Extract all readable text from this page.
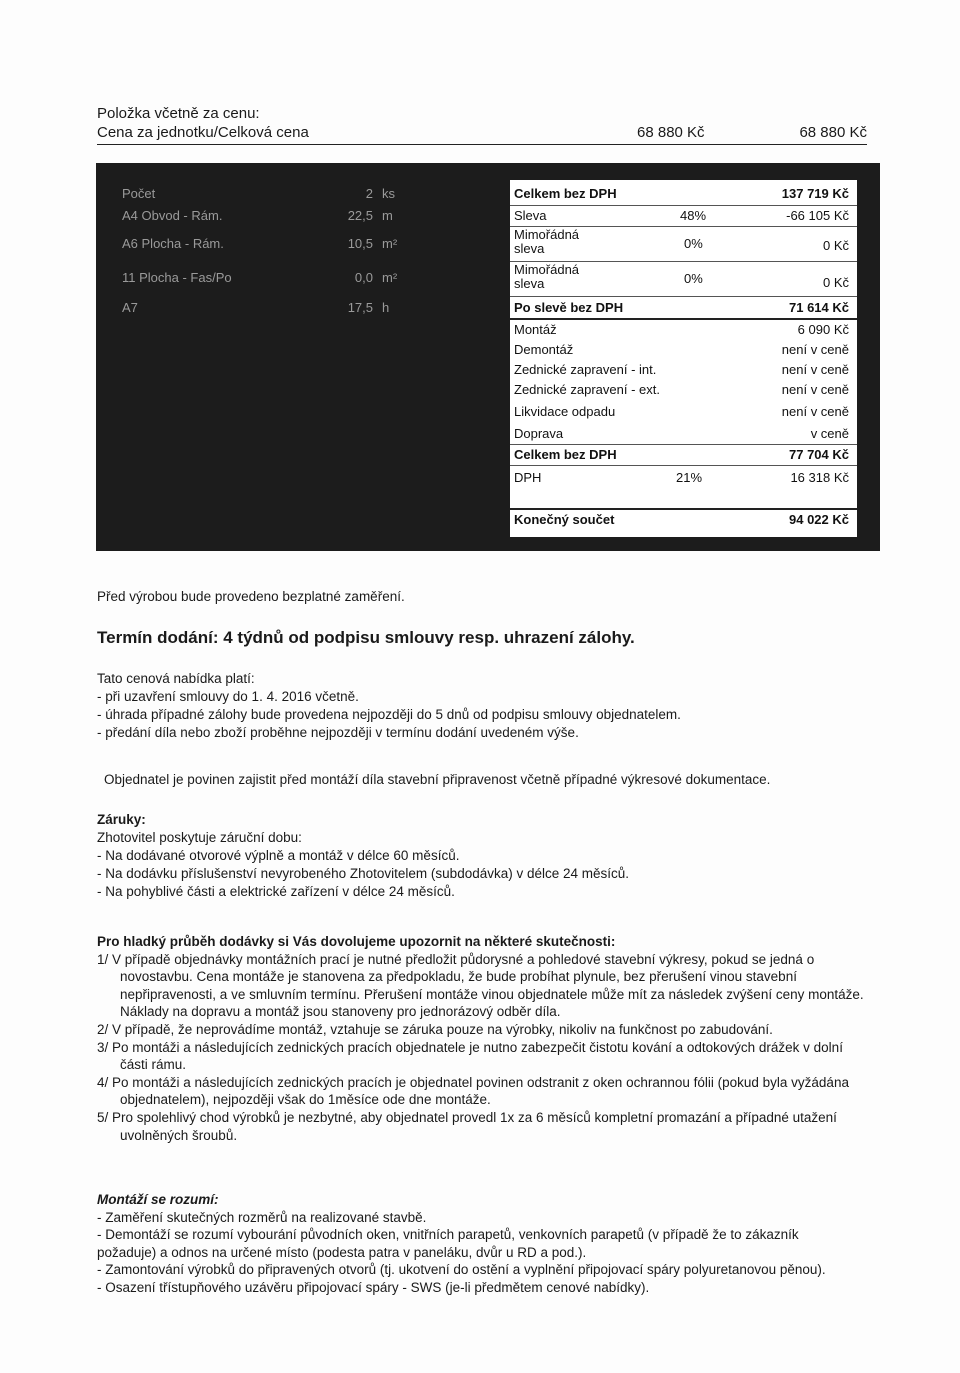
Položka včetně za cenu:
Cena za jednotku/Celková cena	68 880 Kč	68 880 Kč
Počet	2 ks
A4 Obvod - Rám.	22,5 m
A6 Plocha - Rám.	10,5 m²
11 Plocha - Fas/Po	0,0 m²
A7	17,5 h
Celkem bez DPH	137 719 Kč
Sleva	48%	-66 105 Kč
Mimořádná
sleva	0%	0 Kč
Mimořádná
sleva	0%	0 Kč
Po slevě bez DPH	71 614 Kč
Montáž	6 090 Kč
Demontáž	není v ceně
Zednické zapravení - int.	není v ceně
Zednické zapravení - ext.	není v ceně
Likvidace odpadu	není v ceně
Doprava	v ceně
Celkem bez DPH	77 704 Kč
DPH	21%	16 318 Kč
Konečný součet	94 022 Kč
Před výrobou bude provedeno bezplatné zaměření.
Termín dodání: 4 týdnů od podpisu smlouvy resp. uhrazení zálohy.

Tato cenová nabídka platí:

- při uzavření smlouvy do 1. 4. 2016 včetně.

- úhrada případné zálohy bude provedena nejpozději do 5 dnů od podpisu smlouvy objednatelem.

- předání díla nebo zboží proběhne nejpozději v termínu dodání uvedeném výše.

Objednatel je povinen zajistit před montáží díla stavební připravenost včetně případné výkresové dokumentace.

Záruky:

Zhotovitel poskytuje záruční dobu:

- Na dodávané otvorové výplně a montáž v délce 60 měsíců.

- Na dodávku příslušenství nevyrobeného Zhotovitelem (subdodávka) v délce 24 měsíců.

- Na pohyblivé části a elektrické zařízení v délce 24 měsíců.

Pro hladký průběh dodávky si Vás dovolujeme upozornit na některé skutečnosti:

1/ V případě objednávky montážních prací je nutné předložit půdorysné a pohledové stavební výkresy, pokud se jedná o novostavbu. Cena montáže je stanovena za předpokladu, že bude probíhat plynule, bez přerušení vinou stavební nepřipravenosti, a ve smluvním termínu. Přerušení montáže vinou objednatele může mít za následek zvýšení ceny montáže. Náklady na dopravu a montáž jsou stanoveny pro jednorázový odběr díla.

2/ V případě, že neprovádíme montáž, vztahuje se záruka pouze na výrobky, nikoliv na funkčnost po zabudování.

3/ Po montáži a následujících zednických pracích objednatele je nutno zabezpečit čistotu kování a odtokových drážek v dolní části rámu.

4/ Po montáži a následujících zednických pracích je objednatel povinen odstranit z oken ochrannou fólii (pokud byla vyžádána objednatelem), nejpozději však do 1měsíce ode dne montáže.

5/ Pro spolehlivý chod výrobků je nezbytné, aby objednatel provedl 1x za 6 měsíců kompletní promazání a případné utažení uvolněných šroubů.

Montáží se rozumí:

- Zaměření skutečných rozměrů na realizované stavbě.

- Demontáží se rozumí vybourání původních oken, vnitřních parapetů, venkovních parapetů (v případě že to zákazník požaduje) a odnos na určené místo (podesta patra v paneláku, dvůr u RD a pod.).

- Zamontování výrobků do připravených otvorů (tj. ukotvení do ostění a vyplnění připojovací spáry polyuretanovou pěnou).

- Osazení třístupňového uzávěru připojovací spáry - SWS (je-li předmětem cenové nabídky).
